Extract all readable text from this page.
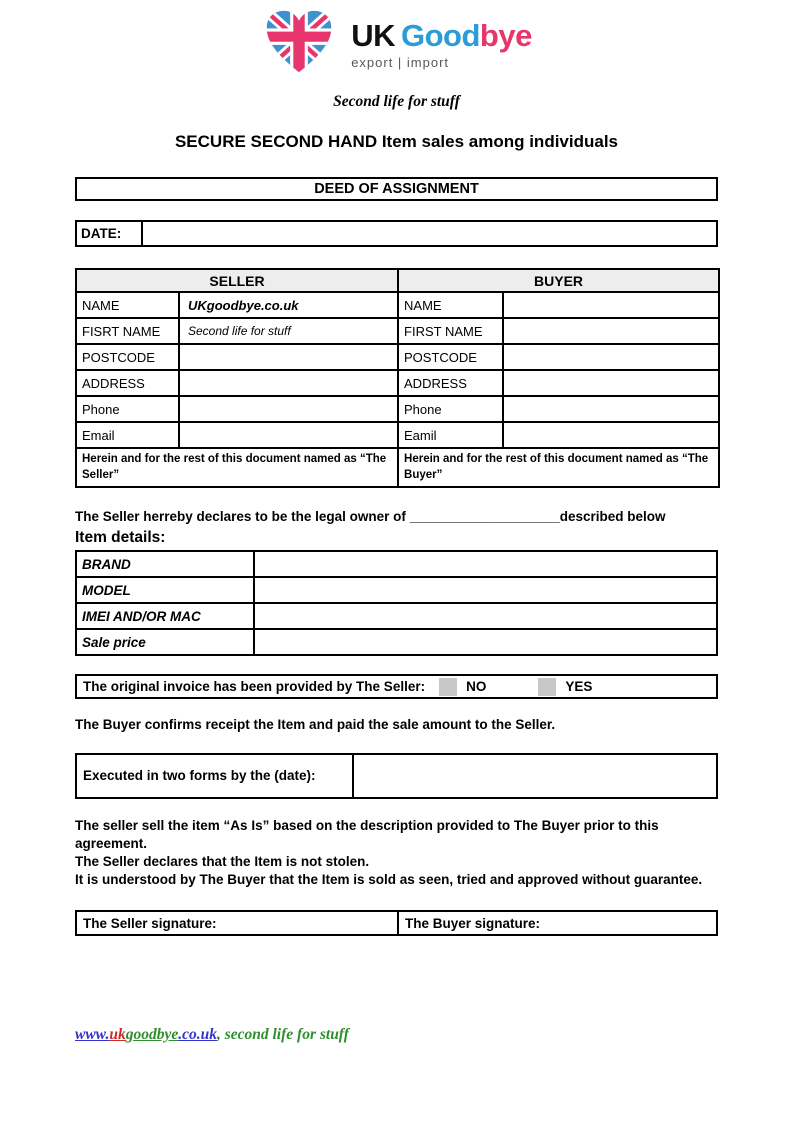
UK Goodbye
export | import
Second life for stuff
SECURE SECOND HAND Item sales among individuals
DEED OF ASSIGNMENT
DATE:	
SELLER		BUYER	
NAME	UKgoodbye.co.uk	NAME	
FISRT NAME	Second life for stuff	FIRST NAME	
POSTCODE		POSTCODE	
ADDRESS		ADDRESS	
Phone		Phone	
Email		Eamil	
Herein and for the rest of this document named as “The Seller”		Herein and for the rest of this document named as “The Buyer”	

The Seller herreby declares to be the legal owner of ____________________described below

Item details:
BRAND	
MODEL	
IMEI AND/OR MAC	
Sale price	
The original invoice has been provided by The Seller:	NO	YES

The Buyer confirms receipt the Item and paid the sale amount to the Seller.

Executed in two forms by the (date):	

The seller sell the item “As Is” based on the description provided to The Buyer prior to this agreement.

The Seller declares that the Item is not stolen.

It is understood by The Buyer that the Item is sold as seen, tried and approved without guarantee.

The Seller signature:	The Buyer signature:
www.ukgoodbye.co.uk, second life for stuff
